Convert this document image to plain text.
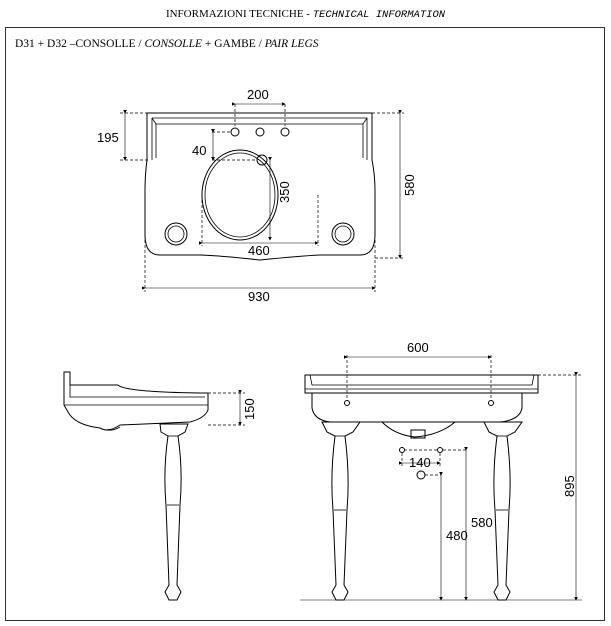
INFORMAZIONI TECNICHE - TECHNICAL INFORMATION
D31 + D32 –CONSOLLE / CONSOLLE + GAMBE / PAIR LEGS
200
195
40
350
460
580
930
150
600
140
480
580
895
